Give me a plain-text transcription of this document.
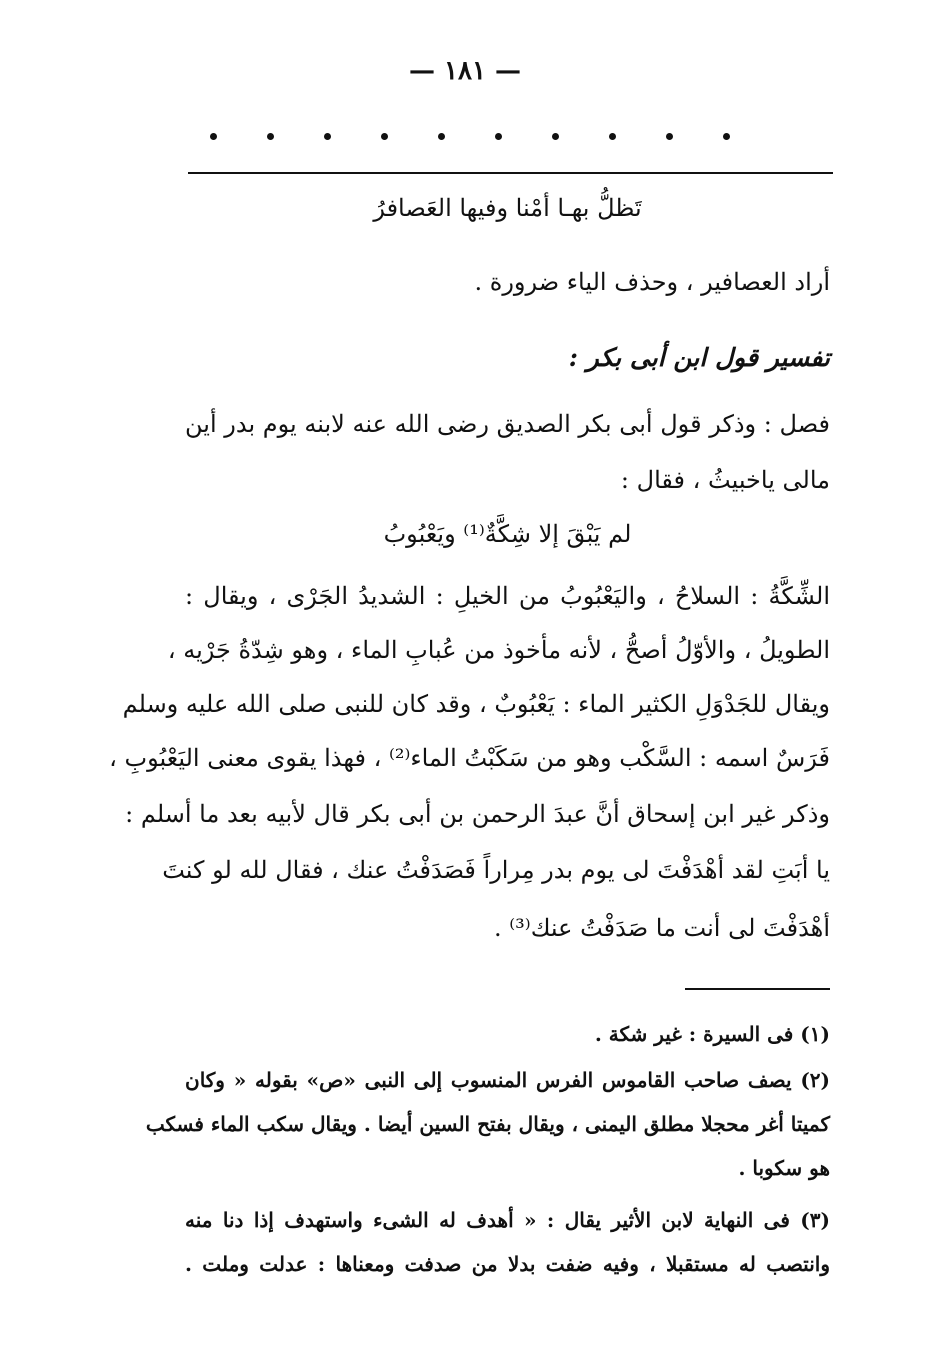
— ١٨١ —
تَظلُّ بهـا أمْنا وفيها العَصافرُ
أراد العصافير ، وحذف الياء ضرورة .
تفسير قول ابن أبى بكر :
فصل : وذكر قول أبى بكر الصديق رضى الله عنه لابنه يوم بدر أين
مالى ياخبيثُ ، فقال :
لم يَبْقَ إلا شِكَّةٌ⁽¹⁾ ويَعْبُوبُ
الشِّكَّةُ : السلاحُ ، واليَعْبُوبُ من الخيلِ : الشديدُ الجَرْى ، ويقال :
الطويلُ ، والأوّلُ أصحُّ ، لأنه مأخوذ من عُبابِ الماء ، وهو شِدّةُ جَرْيه ،
ويقال للجَدْوَلِ الكثير الماء : يَعْبُوبٌ ، وقد كان للنبى صلى الله عليه وسلم
فَرَسٌ اسمه : السَّكْب وهو من سَكَبْتُ الماء⁽²⁾ ، فهذا يقوى معنى اليَعْبُوبِ ،
وذكر غير ابن إسحاق أنَّ عبدَ الرحمن بن أبى بكر قال لأبيه بعد ما أسلم :
يا أبَتِ لقد أهْدَفْتَ لى يوم بدر مِراراً فَصَدَفْتُ عنك ، فقال لله لو كنتَ
أهْدَفْتَ لى أنت ما صَدَفْتُ عنك⁽³⁾ .
(١) فى السيرة : غير شكة .
(٢) يصف صاحب القاموس الفرس المنسوب إلى النبى «ص» بقوله « وكان
كميتا أغر محجلا مطلق اليمنى ، ويقال بفتح السين أيضا . ويقال سكب الماء فسكب
هو سكوبا .
(٣) فى النهاية لابن الأثير يقال : « أهدف له الشىء واستهدف إذا دنا منه
وانتصب له مستقبلا ، وفيه ضفت بدلا من صدفت ومعناها : عدلت وملت .
